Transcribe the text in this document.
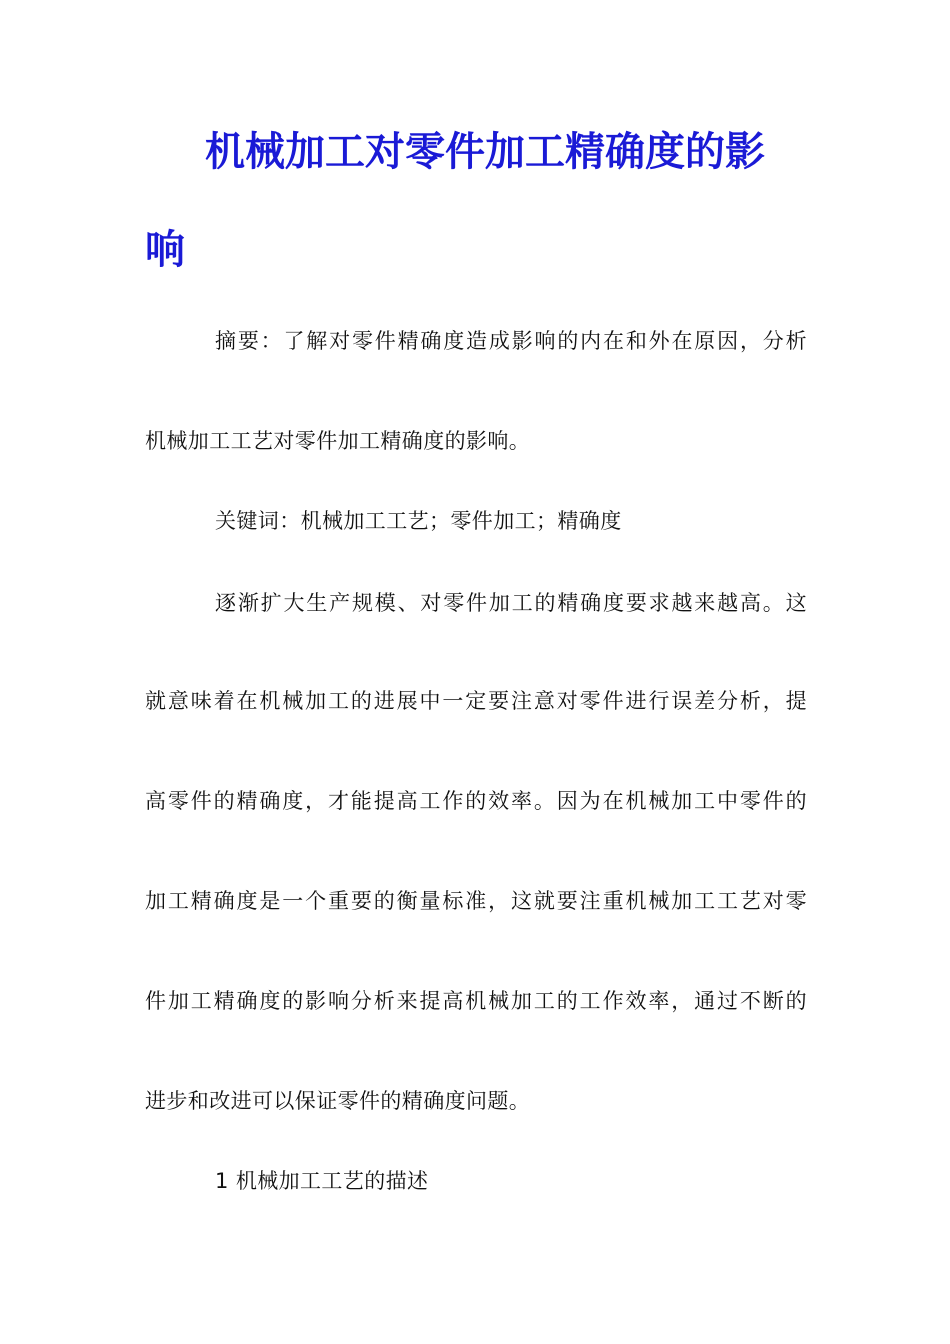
机械加工对零件加工精确度的影
响
摘要：了解对零件精确度造成影响的内在和外在原因，分析
机械加工工艺对零件加工精确度的影响。
关键词：机械加工工艺；零件加工；精确度
逐渐扩大生产规模、对零件加工的精确度要求越来越高。这
就意味着在机械加工的进展中一定要注意对零件进行误差分析，提
高零件的精确度，才能提高工作的效率。因为在机械加工中零件的
加工精确度是一个重要的衡量标准，这就要注重机械加工工艺对零
件加工精确度的影响分析来提高机械加工的工作效率，通过不断的
进步和改进可以保证零件的精确度问题。
1 机械加工工艺的描述
